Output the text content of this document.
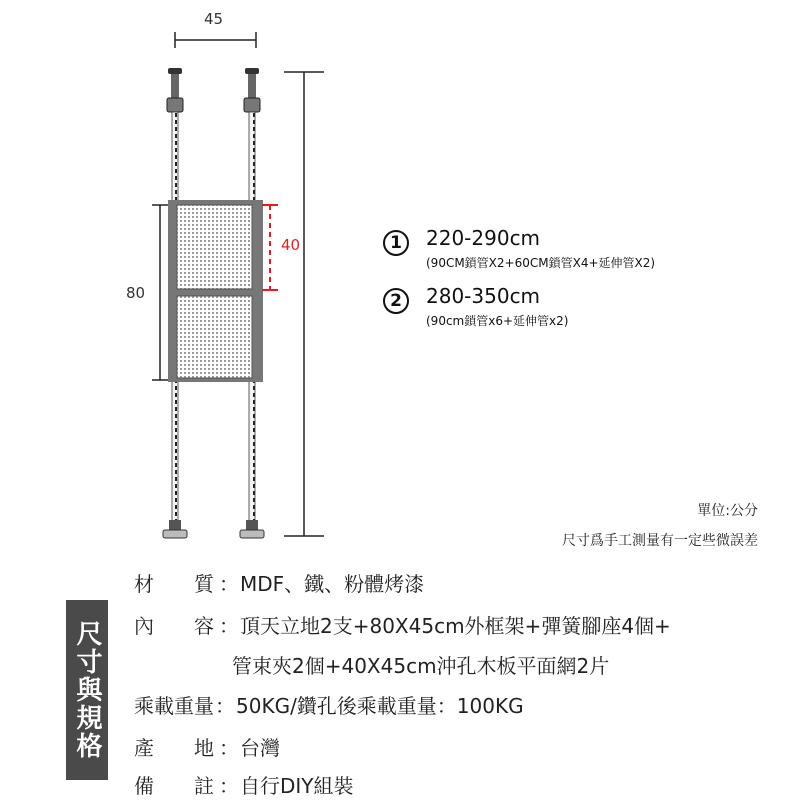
45
80
40	1	220-290cm
(90CM鎖管X2+60CM鎖管X4+延伸管X2)
2	280-350cm
(90cm鎖管x6+延伸管x2)
單位:公分
尺寸爲手工測量有一定些微誤差
尺寸與規格
材　　質 ：MDF、鐵、粉體烤漆
內　　容 ：頂天立地2支+80X45cm外框架+彈簧腳座4個+
管束夾2個+40X45cm沖孔木板平面網2片
乘載重量：50KG/鑽孔後乘載重量：100KG
產　　地 ：台灣
備　　註 ：自行DIY組裝
